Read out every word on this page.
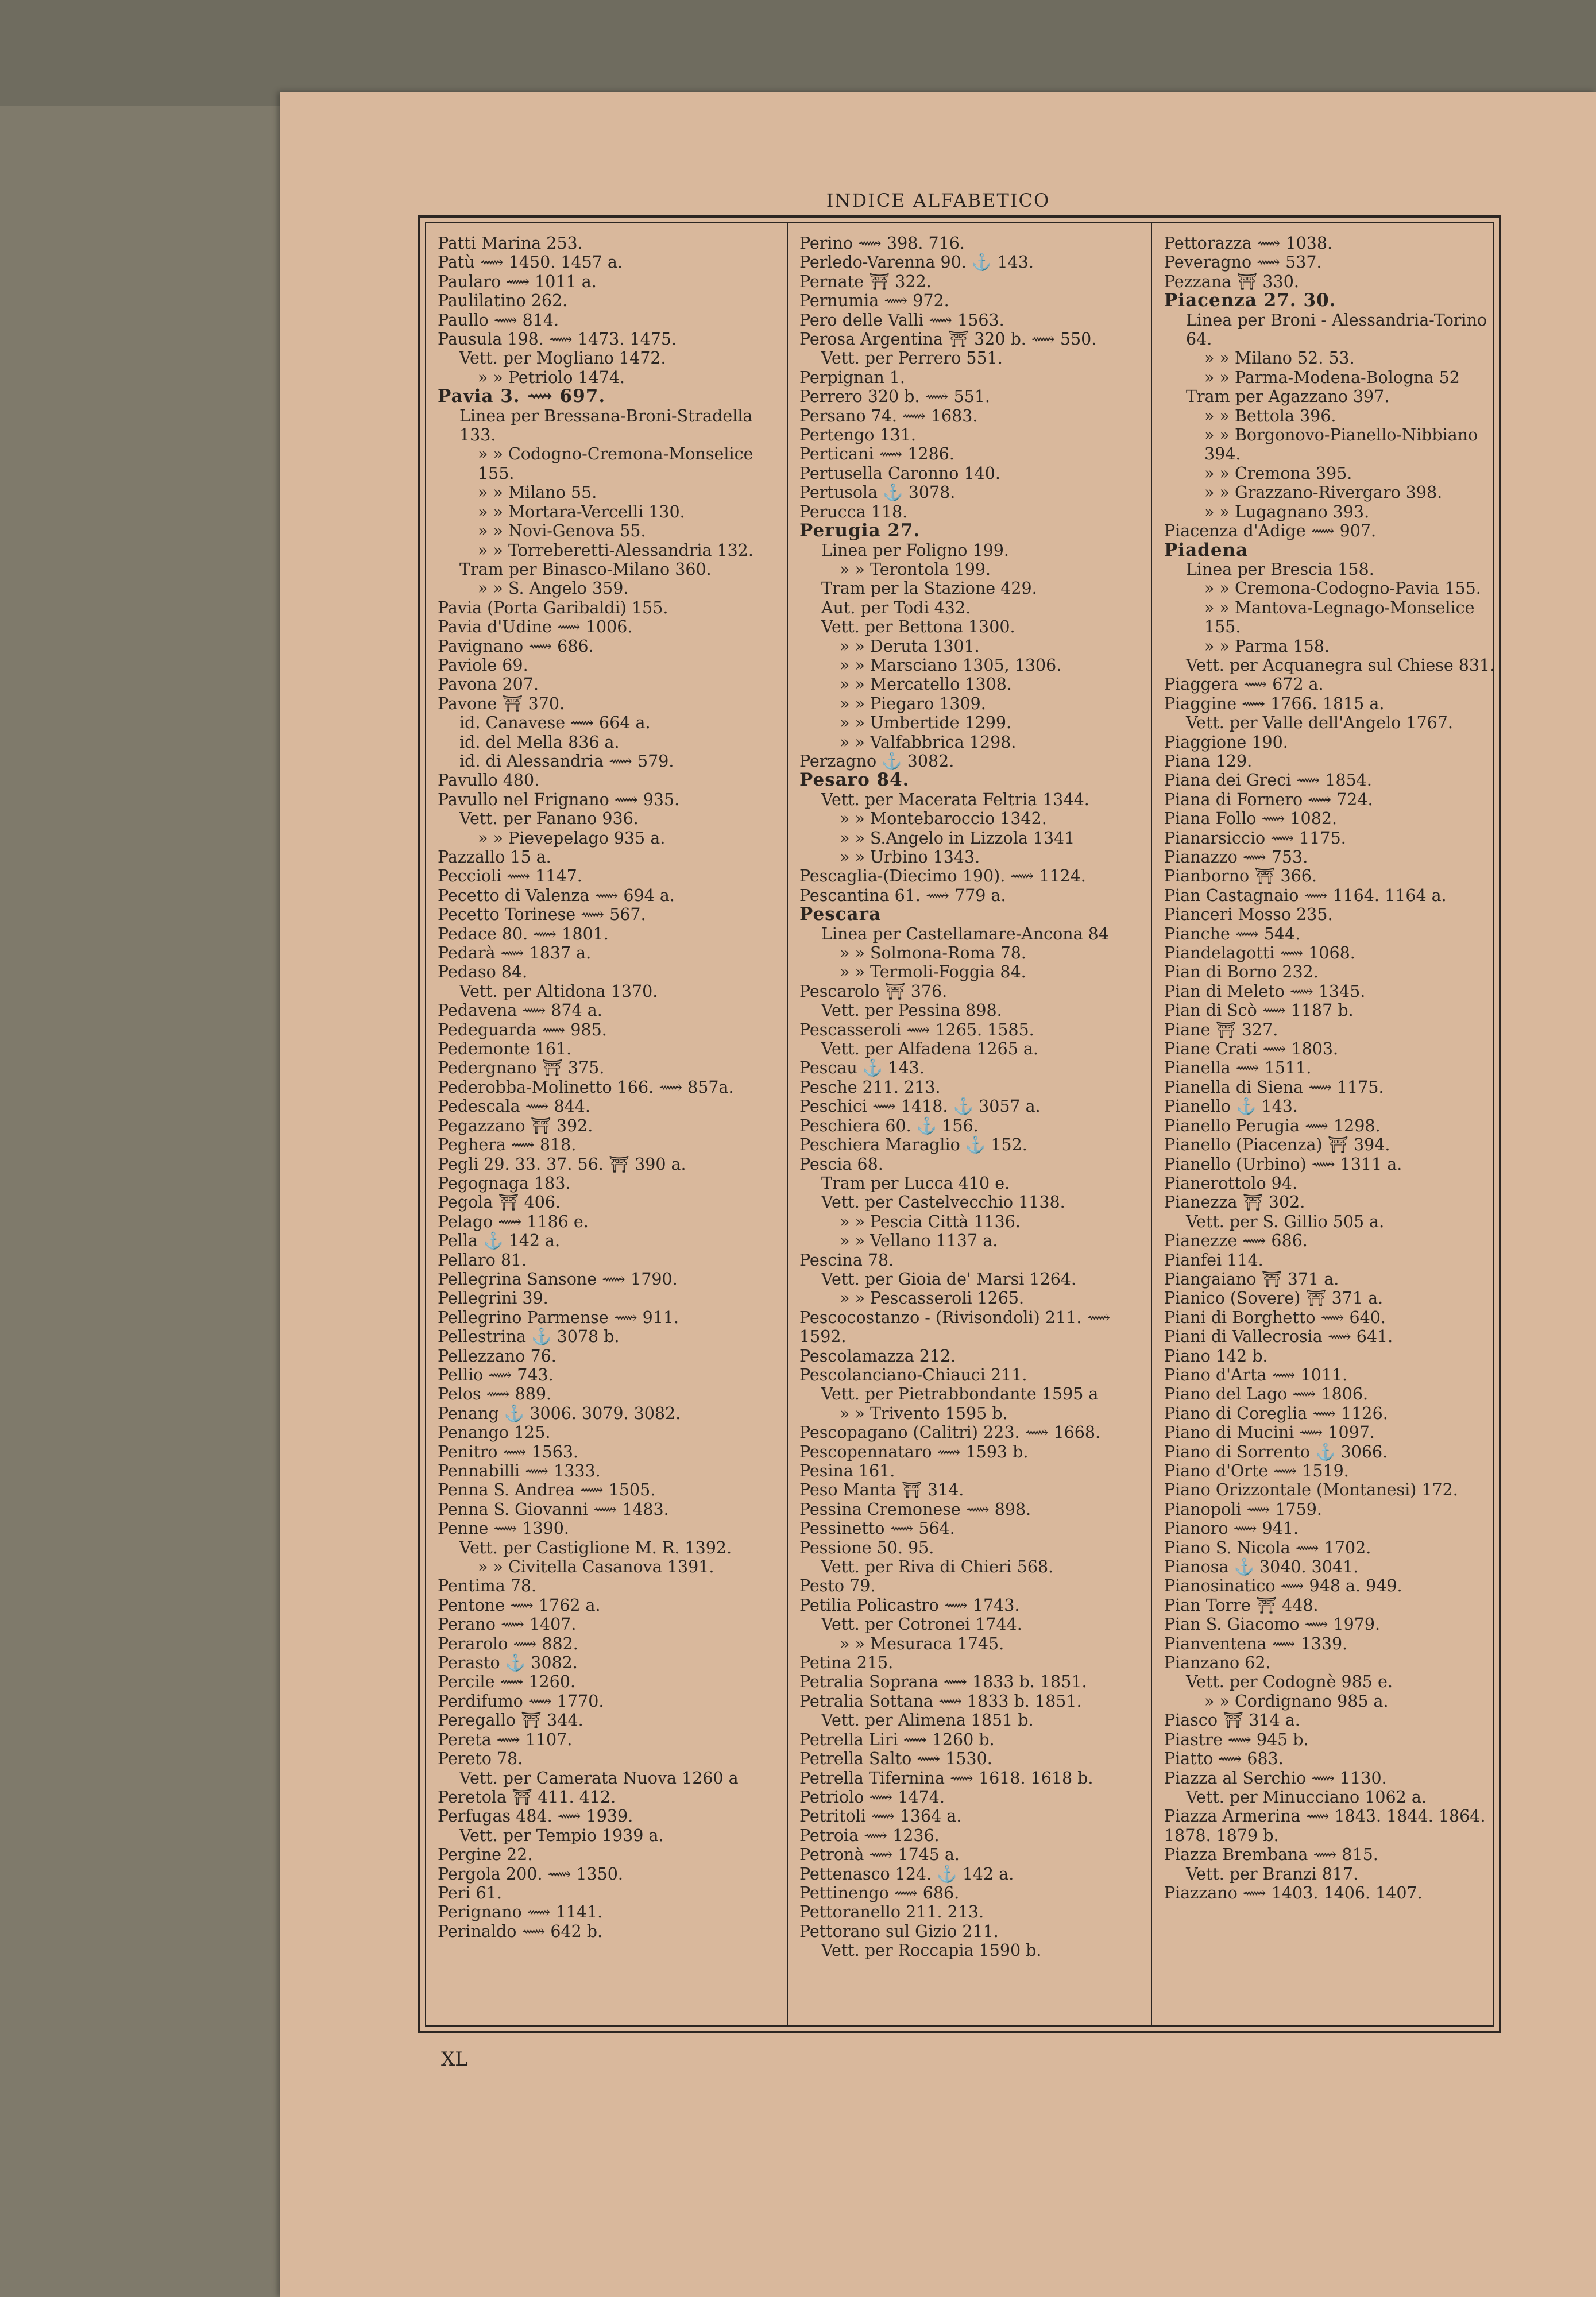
INDICE ALFABETICO
Patti Marina 253.
Patù ⟿ 1450. 1457 a.
Paularo ⟿ 1011 a.
Paulilatino 262.
Paullo ⟿ 814.
Pausula 198. ⟿ 1473. 1475.
Vett. per Mogliano 1472.
» » Petriolo 1474.
Pavia 3. ⟿ 697.
Linea per Bressana-Broni-Stradella 133.
» » Codogno-Cremona-Monselice 155.
» » Milano 55.
» » Mortara-Vercelli 130.
» » Novi-Genova 55.
» » Torreberetti-Alessandria 132.
Tram per Binasco-Milano 360.
» » S. Angelo 359.
Pavia (Porta Garibaldi) 155.
Pavia d'Udine ⟿ 1006.
Pavignano ⟿ 686.
Paviole 69.
Pavona 207.
Pavone ⛩ 370.
id. Canavese ⟿ 664 a.
id. del Mella 836 a.
id. di Alessandria ⟿ 579.
Pavullo 480.
Pavullo nel Frignano ⟿ 935.
Vett. per Fanano 936.
» » Pievepelago 935 a.
Pazzallo 15 a.
Peccioli ⟿ 1147.
Pecetto di Valenza ⟿ 694 a.
Pecetto Torinese ⟿ 567.
Pedace 80. ⟿ 1801.
Pedarà ⟿ 1837 a.
Pedaso 84.
Vett. per Altidona 1370.
Pedavena ⟿ 874 a.
Pedeguarda ⟿ 985.
Pedemonte 161.
Pedergnano ⛩ 375.
Pederobba-Molinetto 166. ⟿ 857a.
Pedescala ⟿ 844.
Pegazzano ⛩ 392.
Peghera ⟿ 818.
Pegli 29. 33. 37. 56. ⛩ 390 a.
Pegognaga 183.
Pegola ⛩ 406.
Pelago ⟿ 1186 e.
Pella ⚓ 142 a.
Pellaro 81.
Pellegrina Sansone ⟿ 1790.
Pellegrini 39.
Pellegrino Parmense ⟿ 911.
Pellestrina ⚓ 3078 b.
Pellezzano 76.
Pellio ⟿ 743.
Pelos ⟿ 889.
Penang ⚓ 3006. 3079. 3082.
Penango 125.
Penitro ⟿ 1563.
Pennabilli ⟿ 1333.
Penna S. Andrea ⟿ 1505.
Penna S. Giovanni ⟿ 1483.
Penne ⟿ 1390.
Vett. per Castiglione M. R. 1392.
» » Civitella Casanova 1391.
Pentima 78.
Pentone ⟿ 1762 a.
Perano ⟿ 1407.
Perarolo ⟿ 882.
Perasto ⚓ 3082.
Percile ⟿ 1260.
Perdifumo ⟿ 1770.
Peregallo ⛩ 344.
Pereta ⟿ 1107.
Pereto 78.
Vett. per Camerata Nuova 1260 a
Peretola ⛩ 411. 412.
Perfugas 484. ⟿ 1939.
Vett. per Tempio 1939 a.
Pergine 22.
Pergola 200. ⟿ 1350.
Peri 61.
Perignano ⟿ 1141.
Perinaldo ⟿ 642 b.
Perino ⟿ 398. 716.
Perledo-Varenna 90. ⚓ 143.
Pernate ⛩ 322.
Pernumia ⟿ 972.
Pero delle Valli ⟿ 1563.
Perosa Argentina ⛩ 320 b. ⟿ 550.
Vett. per Perrero 551.
Perpignan 1.
Perrero 320 b. ⟿ 551.
Persano 74. ⟿ 1683.
Pertengo 131.
Perticani ⟿ 1286.
Pertusella Caronno 140.
Pertusola ⚓ 3078.
Perucca 118.
Perugia 27.
Linea per Foligno 199.
» » Terontola 199.
Tram per la Stazione 429.
Aut. per Todi 432.
Vett. per Bettona 1300.
» » Deruta 1301.
» » Marsciano 1305, 1306.
» » Mercatello 1308.
» » Piegaro 1309.
» » Umbertide 1299.
» » Valfabbrica 1298.
Perzagno ⚓ 3082.
Pesaro 84.
Vett. per Macerata Feltria 1344.
» » Montebaroccio 1342.
» » S.Angelo in Lizzola 1341
» » Urbino 1343.
Pescaglia-(Diecimo 190). ⟿ 1124.
Pescantina 61. ⟿ 779 a.
Pescara
Linea per Castellamare-Ancona 84
» » Solmona-Roma 78.
» » Termoli-Foggia 84.
Pescarolo ⛩ 376.
Vett. per Pessina 898.
Pescasseroli ⟿ 1265. 1585.
Vett. per Alfadena 1265 a.
Pescau ⚓ 143.
Pesche 211. 213.
Peschici ⟿ 1418. ⚓ 3057 a.
Peschiera 60. ⚓ 156.
Peschiera Maraglio ⚓ 152.
Pescia 68.
Tram per Lucca 410 e.
Vett. per Castelvecchio 1138.
» » Pescia Città 1136.
» » Vellano 1137 a.
Pescina 78.
Vett. per Gioia de' Marsi 1264.
» » Pescasseroli 1265.
Pescocostanzo - (Rivisondoli) 211. ⟿ 1592.
Pescolamazza 212.
Pescolanciano-Chiauci 211.
Vett. per Pietrabbondante 1595 a
» » Trivento 1595 b.
Pescopagano (Calitri) 223. ⟿ 1668.
Pescopennataro ⟿ 1593 b.
Pesina 161.
Peso Manta ⛩ 314.
Pessina Cremonese ⟿ 898.
Pessinetto ⟿ 564.
Pessione 50. 95.
Vett. per Riva di Chieri 568.
Pesto 79.
Petilia Policastro ⟿ 1743.
Vett. per Cotronei 1744.
» » Mesuraca 1745.
Petina 215.
Petralia Soprana ⟿ 1833 b. 1851.
Petralia Sottana ⟿ 1833 b. 1851.
Vett. per Alimena 1851 b.
Petrella Liri ⟿ 1260 b.
Petrella Salto ⟿ 1530.
Petrella Tifernina ⟿ 1618. 1618 b.
Petriolo ⟿ 1474.
Petritoli ⟿ 1364 a.
Petroia ⟿ 1236.
Petronà ⟿ 1745 a.
Pettenasco 124. ⚓ 142 a.
Pettinengo ⟿ 686.
Pettoranello 211. 213.
Pettorano sul Gizio 211.
Vett. per Roccapia 1590 b.
Pettorazza ⟿ 1038.
Peveragno ⟿ 537.
Pezzana ⛩ 330.
Piacenza 27. 30.
Linea per Broni - Alessandria-Torino 64.
» » Milano 52. 53.
» » Parma-Modena-Bologna 52
Tram per Agazzano 397.
» » Bettola 396.
» » Borgonovo-Pianello-Nibbiano 394.
» » Cremona 395.
» » Grazzano-Rivergaro 398.
» » Lugagnano 393.
Piacenza d'Adige ⟿ 907.
Piadena
Linea per Brescia 158.
» » Cremona-Codogno-Pavia 155.
» » Mantova-Legnago-Monselice 155.
» » Parma 158.
Vett. per Acquanegra sul Chiese 831.
Piaggera ⟿ 672 a.
Piaggine ⟿ 1766. 1815 a.
Vett. per Valle dell'Angelo 1767.
Piaggione 190.
Piana 129.
Piana dei Greci ⟿ 1854.
Piana di Fornero ⟿ 724.
Piana Follo ⟿ 1082.
Pianarsiccio ⟿ 1175.
Pianazzo ⟿ 753.
Pianborno ⛩ 366.
Pian Castagnaio ⟿ 1164. 1164 a.
Pianceri Mosso 235.
Pianche ⟿ 544.
Piandelagotti ⟿ 1068.
Pian di Borno 232.
Pian di Meleto ⟿ 1345.
Pian di Scò ⟿ 1187 b.
Piane ⛩ 327.
Piane Crati ⟿ 1803.
Pianella ⟿ 1511.
Pianella di Siena ⟿ 1175.
Pianello ⚓ 143.
Pianello Perugia ⟿ 1298.
Pianello (Piacenza) ⛩ 394.
Pianello (Urbino) ⟿ 1311 a.
Pianerottolo 94.
Pianezza ⛩ 302.
Vett. per S. Gillio 505 a.
Pianezze ⟿ 686.
Pianfei 114.
Piangaiano ⛩ 371 a.
Pianico (Sovere) ⛩ 371 a.
Piani di Borghetto ⟿ 640.
Piani di Vallecrosia ⟿ 641.
Piano 142 b.
Piano d'Arta ⟿ 1011.
Piano del Lago ⟿ 1806.
Piano di Coreglia ⟿ 1126.
Piano di Mucini ⟿ 1097.
Piano di Sorrento ⚓ 3066.
Piano d'Orte ⟿ 1519.
Piano Orizzontale (Montanesi) 172.
Pianopoli ⟿ 1759.
Pianoro ⟿ 941.
Piano S. Nicola ⟿ 1702.
Pianosa ⚓ 3040. 3041.
Pianosinatico ⟿ 948 a. 949.
Pian Torre ⛩ 448.
Pian S. Giacomo ⟿ 1979.
Pianventena ⟿ 1339.
Pianzano 62.
Vett. per Codognè 985 e.
» » Cordignano 985 a.
Piasco ⛩ 314 a.
Piastre ⟿ 945 b.
Piatto ⟿ 683.
Piazza al Serchio ⟿ 1130.
Vett. per Minucciano 1062 a.
Piazza Armerina ⟿ 1843. 1844. 1864. 1878. 1879 b.
Piazza Brembana ⟿ 815.
Vett. per Branzi 817.
Piazzano ⟿ 1403. 1406. 1407.
XL
